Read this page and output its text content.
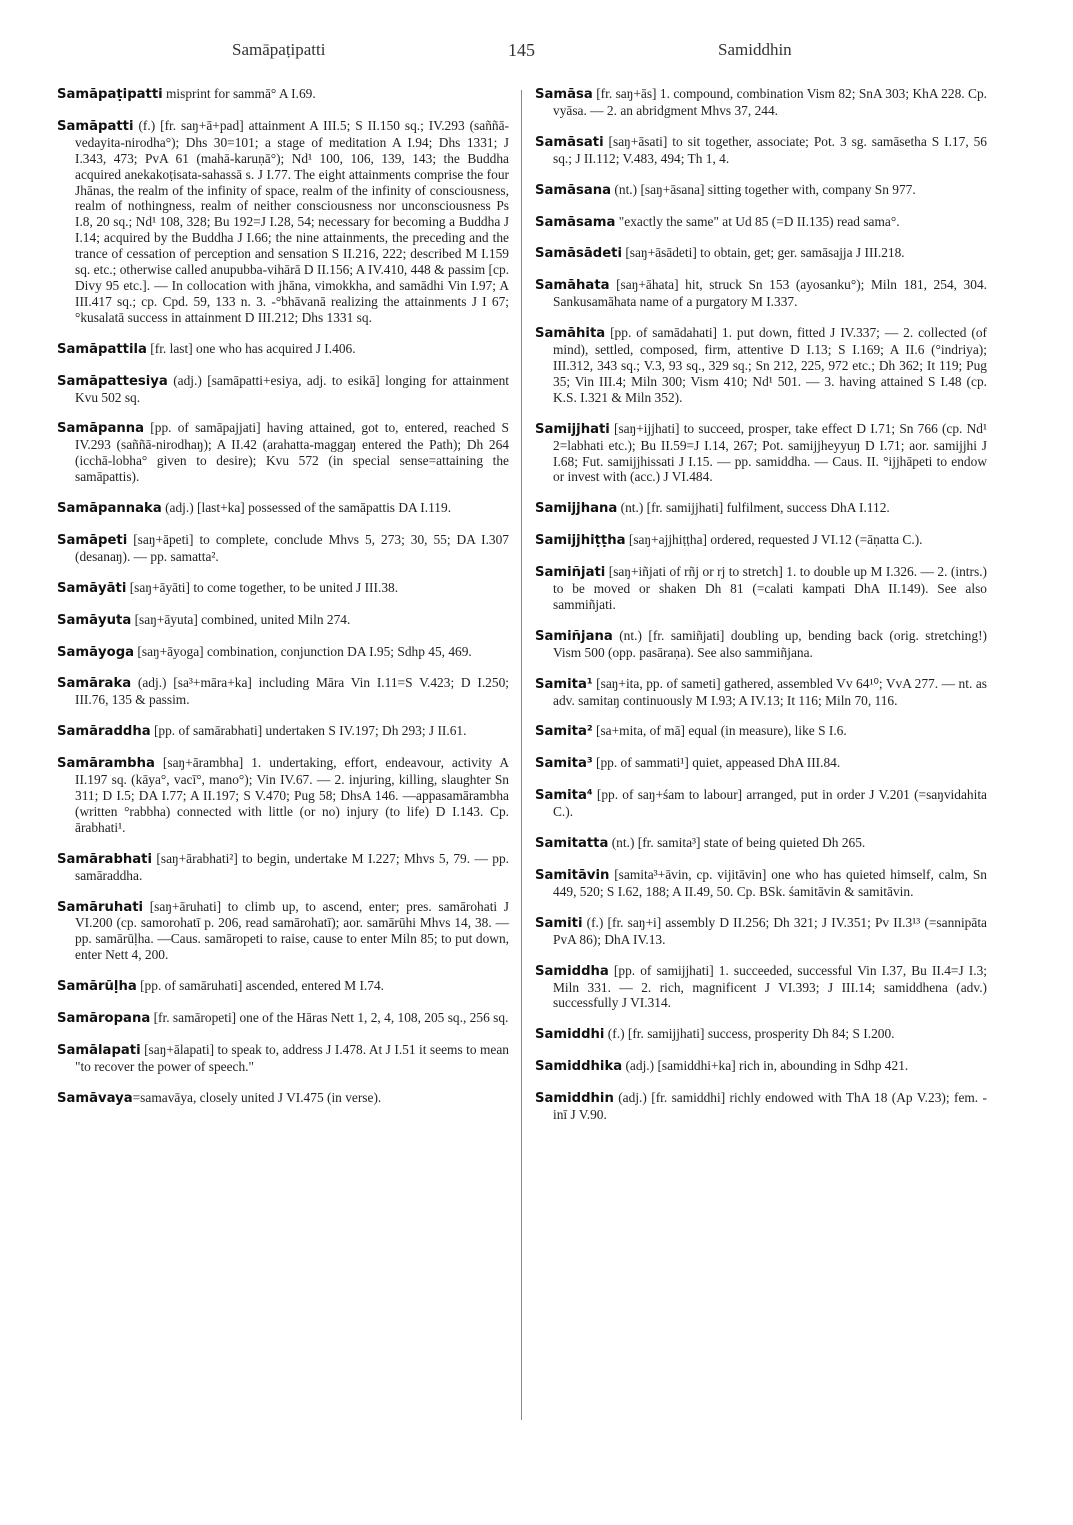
Samāpaṭipatti	145	Samiddhin

Samāpaṭipatti misprint for sammā° A I.69.

Samāpatti (f.) [fr. saŋ+ā+pad] attainment A III.5; S II.150 sq.; IV.293 (saññā-vedayita-nirodha°); Dhs 30=101; a stage of meditation A I.94; Dhs 1331; J I.343, 473; PvA 61 (mahā-karuṇā°); Nd¹ 100, 106, 139, 143; the Buddha acquired anekakoṭisata-sahassā s. J I.77. The eight attainments comprise the four Jhānas, the realm of the infinity of space, realm of the infinity of consciousness, realm of nothingness, realm of neither consciousness nor unconsciousness Ps I.8, 20 sq.; Nd¹ 108, 328; Bu 192=J I.28, 54; necessary for becoming a Buddha J I.14; acquired by the Buddha J I.66; the nine attainments, the preceding and the trance of cessation of perception and sensation S II.216, 222; described M I.159 sq. etc.; otherwise called anupubba-vihārā D II.156; A IV.410, 448 & passim [cp. Divy 95 etc.]. — In collocation with jhāna, vimokkha, and samādhi Vin I.97; A III.417 sq.; cp. Cpd. 59, 133 n. 3. -°bhāvanā realizing the attainments J I 67; °kusalatā success in attainment D III.212; Dhs 1331 sq.

Samāpattila [fr. last] one who has acquired J I.406.

Samāpattesiya (adj.) [samāpatti+esiya, adj. to esikā] longing for attainment Kvu 502 sq.

Samāpanna [pp. of samāpajjati] having attained, got to, entered, reached S IV.293 (saññā-nirodhaŋ); A II.42 (arahatta-maggaŋ entered the Path); Dh 264 (icchā-lobha° given to desire); Kvu 572 (in special sense=attaining the samāpattis).

Samāpannaka (adj.) [last+ka] possessed of the samāpattis DA I.119.

Samāpeti [saŋ+āpeti] to complete, conclude Mhvs 5, 273; 30, 55; DA I.307 (desanaŋ). — pp. samatta².

Samāyāti [saŋ+āyāti] to come together, to be united J III.38.

Samāyuta [saŋ+āyuta] combined, united Miln 274.

Samāyoga [saŋ+āyoga] combination, conjunction DA I.95; Sdhp 45, 469.

Samāraka (adj.) [sa³+māra+ka] including Māra Vin I.11=S V.423; D I.250; III.76, 135 & passim.

Samāraddha [pp. of samārabhati] undertaken S IV.197; Dh 293; J II.61.

Samārambha [saŋ+ārambha] 1. undertaking, effort, endeavour, activity A II.197 sq. (kāya°, vacī°, mano°); Vin IV.67. — 2. injuring, killing, slaughter Sn 311; D I.5; DA I.77; A II.197; S V.470; Pug 58; DhsA 146. —appasamārambha (written °rabbha) connected with little (or no) injury (to life) D I.143. Cp. ārabhati¹.

Samārabhati [saŋ+ārabhati²] to begin, undertake M I.227; Mhvs 5, 79. — pp. samāraddha.

Samāruhati [saŋ+āruhati] to climb up, to ascend, enter; pres. samārohati J VI.200 (cp. samorohatī p. 206, read samārohatī); aor. samārūhi Mhvs 14, 38. — pp. samārūḷha. —Caus. samāropeti to raise, cause to enter Miln 85; to put down, enter Nett 4, 200.

Samārūḷha [pp. of samāruhati] ascended, entered M I.74.

Samāropana [fr. samāropeti] one of the Hāras Nett 1, 2, 4, 108, 205 sq., 256 sq.

Samālapati [saŋ+ālapati] to speak to, address J I.478. At J I.51 it seems to mean "to recover the power of speech."

Samāvaya=samavāya, closely united J VI.475 (in verse).

Samāsa [fr. saŋ+ās] 1. compound, combination Vism 82; SnA 303; KhA 228. Cp. vyāsa. — 2. an abridgment Mhvs 37, 244.

Samāsati [saŋ+āsati] to sit together, associate; Pot. 3 sg. samāsetha S I.17, 56 sq.; J II.112; V.483, 494; Th 1, 4.

Samāsana (nt.) [saŋ+āsana] sitting together with, company Sn 977.

Samāsama "exactly the same" at Ud 85 (=D II.135) read sama°.

Samāsādeti [saŋ+āsādeti] to obtain, get; ger. samāsajja J III.218.

Samāhata [saŋ+āhata] hit, struck Sn 153 (ayosanku°); Miln 181, 254, 304. Sankusamāhata name of a purgatory M I.337.

Samāhita [pp. of samādahati] 1. put down, fitted J IV.337; — 2. collected (of mind), settled, composed, firm, attentive D I.13; S I.169; A II.6 (°indriya); III.312, 343 sq.; V.3, 93 sq., 329 sq.; Sn 212, 225, 972 etc.; Dh 362; It 119; Pug 35; Vin III.4; Miln 300; Vism 410; Nd¹ 501. — 3. having attained S I.48 (cp. K.S. I.321 & Miln 352).

Samijjhati [saŋ+ijjhati] to succeed, prosper, take effect D I.71; Sn 766 (cp. Nd¹ 2=labhati etc.); Bu II.59=J I.14, 267; Pot. samijjheyyuŋ D I.71; aor. samijjhi J I.68; Fut. samijjhissati J I.15. — pp. samiddha. — Caus. II. °ijjhāpeti to endow or invest with (acc.) J VI.484.

Samijjhana (nt.) [fr. samijjhati] fulfilment, success DhA I.112.

Samijjhiṭṭha [saŋ+ajjhiṭṭha] ordered, requested J VI.12 (=āṇatta C.).

Samiñjati [saŋ+iñjati of rñj or rj to stretch] 1. to double up M I.326. — 2. (intrs.) to be moved or shaken Dh 81 (=calati kampati DhA II.149). See also sammiñjati.

Samiñjana (nt.) [fr. samiñjati] doubling up, bending back (orig. stretching!) Vism 500 (opp. pasāraṇa). See also sammiñjana.

Samita¹ [saŋ+ita, pp. of sameti] gathered, assembled Vv 64¹⁰; VvA 277. — nt. as adv. samitaŋ continuously M I.93; A IV.13; It 116; Miln 70, 116.

Samita² [sa+mita, of mā] equal (in measure), like S I.6.

Samita³ [pp. of sammati¹] quiet, appeased DhA III.84.

Samita⁴ [pp. of saŋ+śam to labour] arranged, put in order J V.201 (=saŋvidahita C.).

Samitatta (nt.) [fr. samita³] state of being quieted Dh 265.

Samitāvin [samita³+āvin, cp. vijitāvin] one who has quieted himself, calm, Sn 449, 520; S I.62, 188; A II.49, 50. Cp. BSk. śamitāvin & samitāvin.

Samiti (f.) [fr. saŋ+i] assembly D II.256; Dh 321; J IV.351; Pv II.3¹³ (=sannipāta PvA 86); DhA IV.13.

Samiddha [pp. of samijjhati] 1. succeeded, successful Vin I.37, Bu II.4=J I.3; Miln 331. — 2. rich, magnificent J VI.393; J III.14; samiddhena (adv.) successfully J VI.314.

Samiddhi (f.) [fr. samijjhati] success, prosperity Dh 84; S I.200.

Samiddhika (adj.) [samiddhi+ka] rich in, abounding in Sdhp 421.

Samiddhin (adj.) [fr. samiddhi] richly endowed with ThA 18 (Ap V.23); fem. -inī J V.90.
